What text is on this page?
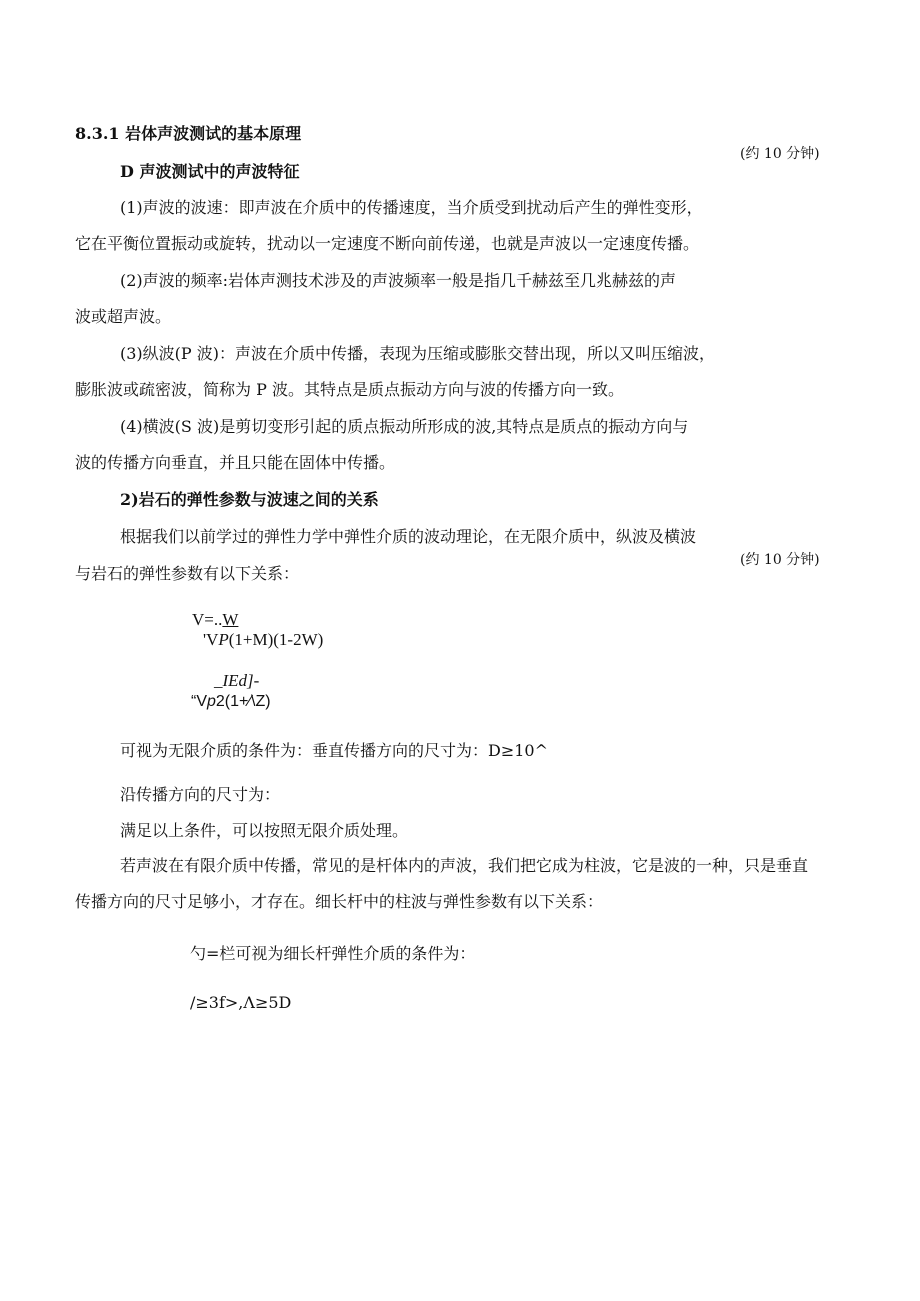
8.3.1 岩体声波测试的基本原理
(约 10 分钟)
D 声波测试中的声波特征
(1)声波的波速：即声波在介质中的传播速度，当介质受到扰动后产生的弹性变形，
它在平衡位置振动或旋转，扰动以一定速度不断向前传递，也就是声波以一定速度传播。
(2)声波的频率:岩体声测技术涉及的声波频率一般是指几千赫兹至几兆赫兹的声
波或超声波。
(3)纵波(P 波)：声波在介质中传播，表现为压缩或膨胀交替出现，所以又叫压缩波，
膨胀波或疏密波，简称为 P 波。其特点是质点振动方向与波的传播方向一致。
(4)横波(S 波)是剪切变形引起的质点振动所形成的波,其特点是质点的振动方向与
波的传播方向垂直，并且只能在固体中传播。
2)岩石的弹性参数与波速之间的关系
根据我们以前学过的弹性力学中弹性介质的波动理论，在无限介质中，纵波及横波
(约 10 分钟)
与岩石的弹性参数有以下关系：
V=..W
'VP(1+M)(1-2W)
_IEd]-
“Vp2(1+⁄\Z)
可视为无限介质的条件为：垂直传播方向的尺寸为：D≥10^
沿传播方向的尺寸为：
满足以上条件，可以按照无限介质处理。
若声波在有限介质中传播，常见的是杆体内的声波，我们把它成为柱波，它是波的一种，只是垂直
传播方向的尺寸足够小，才存在。细长杆中的柱波与弹性参数有以下关系：
勺=栏可视为细长杆弹性介质的条件为：
/≥3f>,Λ≥5D
